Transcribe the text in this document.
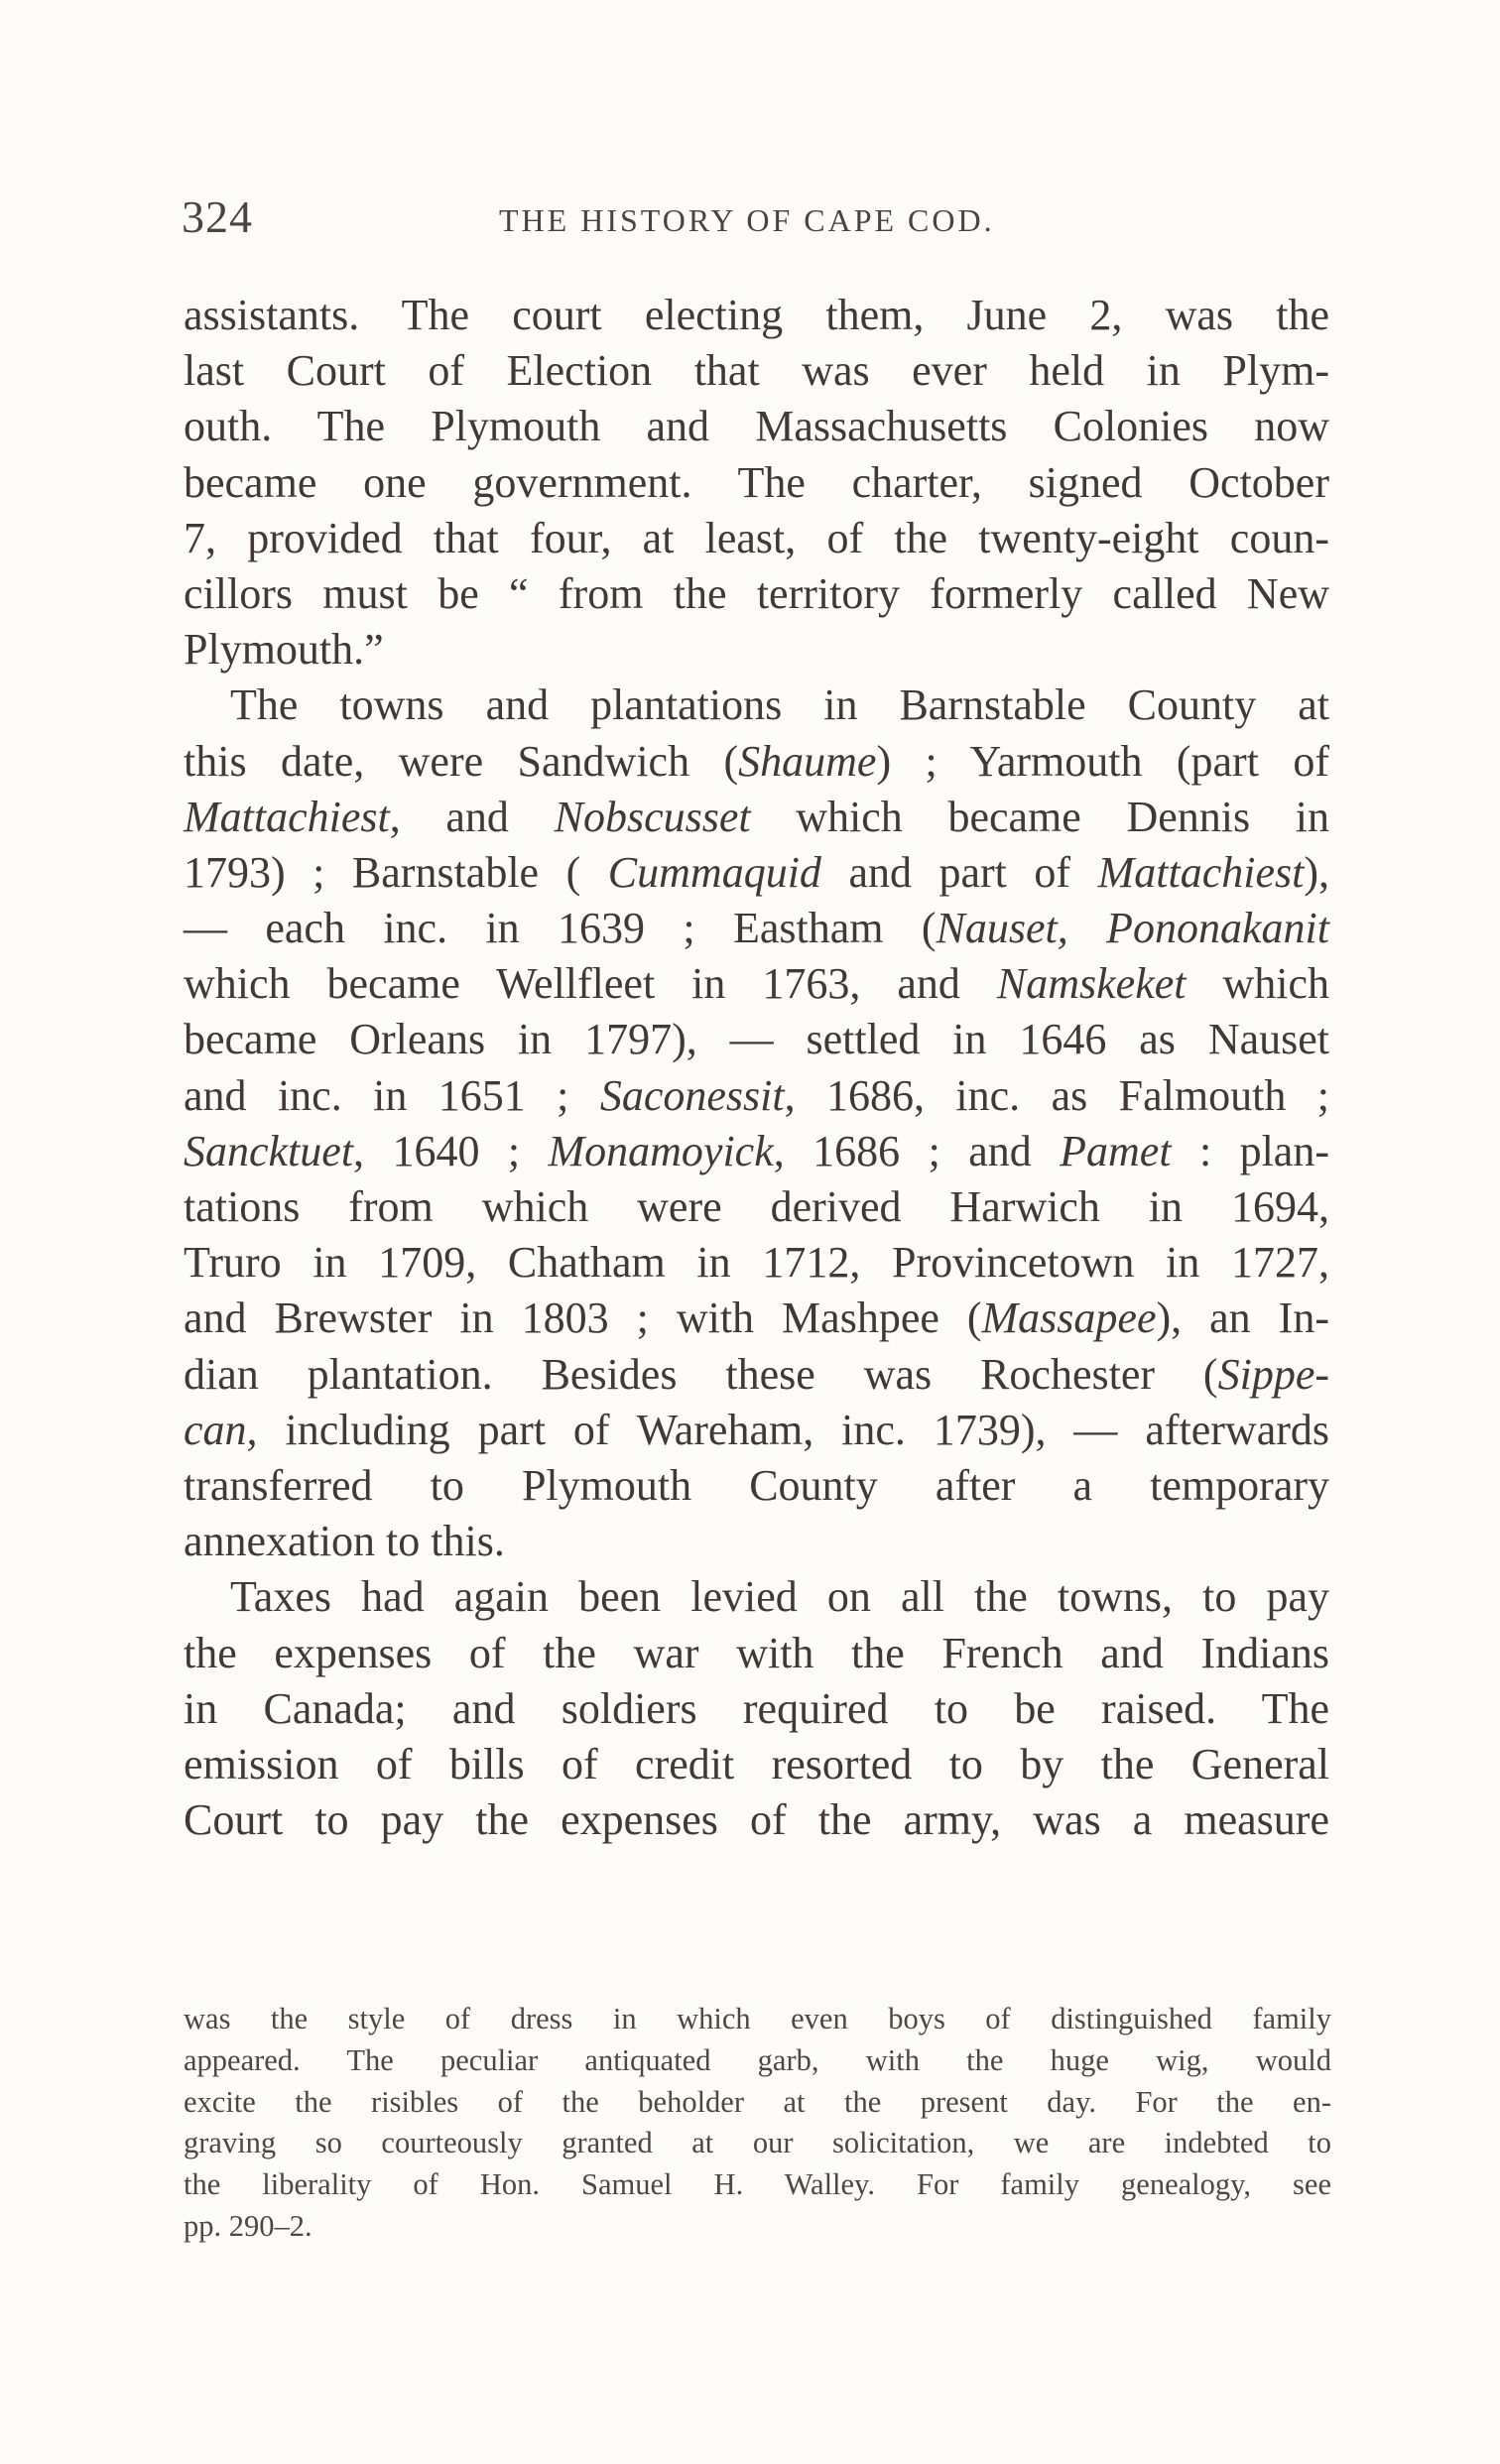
324	THE HISTORY OF CAPE COD.
assistants. The court electing them, June 2, was the
last Court of Election that was ever held in Plym-
outh. The Plymouth and Massachusetts Colonies now
became one government. The charter, signed October
7, provided that four, at least, of the twenty-eight coun-
cillors must be “ from the territory formerly called New
Plymouth.”
The towns and plantations in Barnstable County at
this date, were Sandwich (Shaume) ; Yarmouth (part of
Mattachiest, and Nobscusset which became Dennis in
1793) ; Barnstable ( Cummaquid and part of Mattachiest),
— each inc. in 1639 ; Eastham (Nauset, Pononakanit
which became Wellfleet in 1763, and Namskeket which
became Orleans in 1797), — settled in 1646 as Nauset
and inc. in 1651 ; Saconessit, 1686, inc. as Falmouth ;
Sancktuet, 1640 ; Monamoyick, 1686 ; and Pamet : plan-
tations from which were derived Harwich in 1694,
Truro in 1709, Chatham in 1712, Provincetown in 1727,
and Brewster in 1803 ; with Mashpee (Massapee), an In-
dian plantation. Besides these was Rochester (Sippe-
can, including part of Wareham, inc. 1739), — afterwards
transferred to Plymouth County after a temporary
annexation to this.
Taxes had again been levied on all the towns, to pay
the expenses of the war with the French and Indians
in Canada; and soldiers required to be raised. The
emission of bills of credit resorted to by the General
Court to pay the expenses of the army, was a measure
was the style of dress in which even boys of distinguished family
appeared. The peculiar antiquated garb, with the huge wig, would
excite the risibles of the beholder at the present day. For the en-
graving so courteously granted at our solicitation, we are indebted to
the liberality of Hon. Samuel H. Walley. For family genealogy, see
pp. 290–2.
